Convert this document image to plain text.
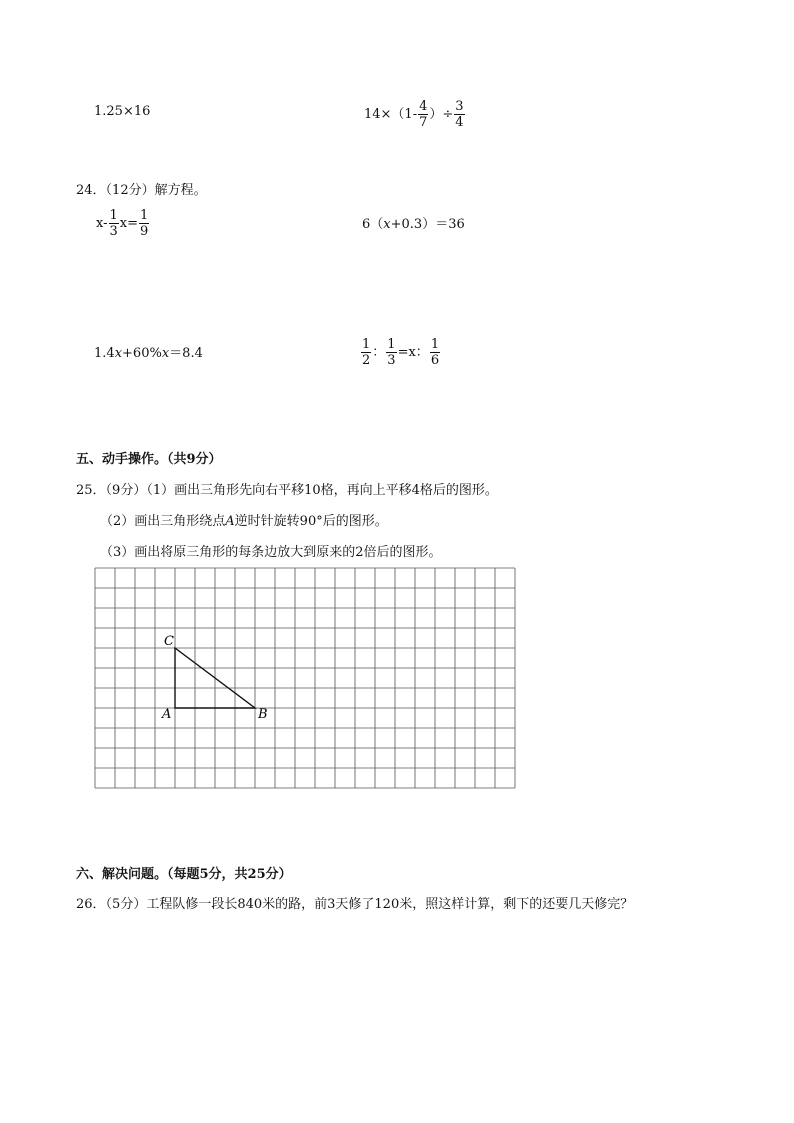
1.25×16	$14\times(1- \frac{4}{7}$ ）÷ $\frac{3}{4}$
24．（12分）解方程。
$x- \frac{1}{3} x= \frac{1}{9}$	6（x+0.3）＝36
1.4x+60%x＝8.4	$\frac{1}{2}$ ： $\frac{1}{3} =x$： $\frac{1}{6}$
五、动手操作。（共9分）
25．（9分）（1）画出三角形先向右平移10格，再向上平移4格后的图形。
（2）画出三角形绕点A逆时针旋转90°后的图形。
（3）画出将原三角形的每条边放大到原来的2倍后的图形。
C
A	B
六、解决问题。（每题5分，共25分）
26．（5分）工程队修一段长840米的路，前3天修了120米，照这样计算，剩下的还要几天修完？
